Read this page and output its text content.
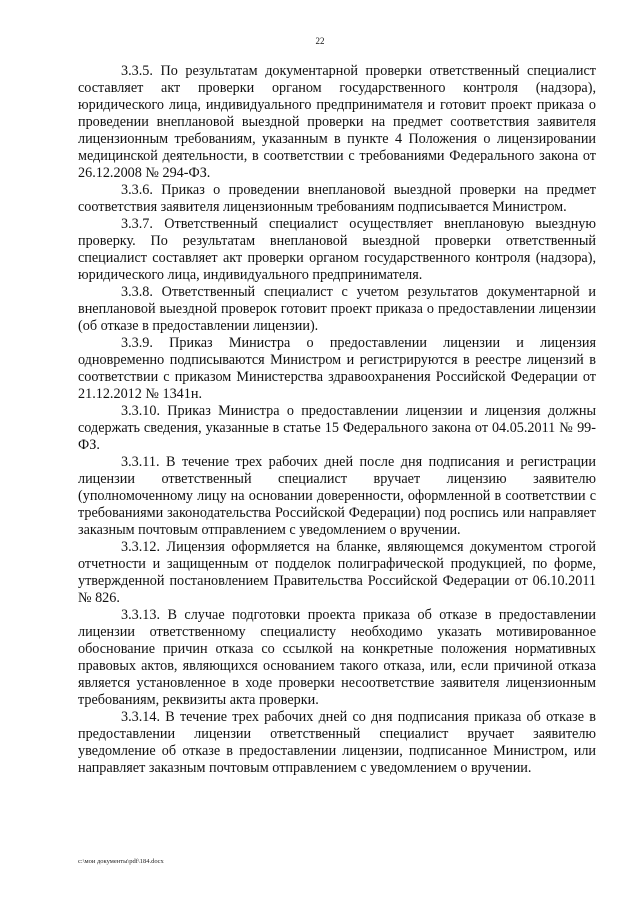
22

3.3.5. По результатам документарной проверки ответственный специалист составляет акт проверки органом государственного контроля (надзора), юридического лица, индивидуального предпринимателя и готовит проект приказа о проведении внеплановой выездной проверки на предмет соответствия заявителя лицензионным требованиям, указанным в пункте 4 Положения о лицензировании медицинской деятельности, в соответствии с требованиями Федерального закона от 26.12.2008 № 294-ФЗ.

3.3.6. Приказ о проведении внеплановой выездной проверки на предмет соответствия заявителя лицензионным требованиям подписывается Министром.

3.3.7. Ответственный специалист осуществляет внеплановую выездную проверку. По результатам внеплановой выездной проверки ответственный специалист составляет акт проверки органом государственного контроля (надзора), юридического лица, индивидуального предпринимателя.

3.3.8. Ответственный специалист с учетом результатов документарной и внеплановой выездной проверок готовит проект приказа о предоставлении лицензии (об отказе в предоставлении лицензии).

3.3.9. Приказ Министра о предоставлении лицензии и лицензия одновременно подписываются Министром и регистрируются в реестре лицензий в соответствии с приказом Министерства здравоохранения Российской Федерации от 21.12.2012 № 1341н.

3.3.10. Приказ Министра о предоставлении лицензии и лицензия должны содержать сведения, указанные в статье 15 Федерального закона от 04.05.2011 № 99-ФЗ.

3.3.11. В течение трех рабочих дней после дня подписания и регистрации лицензии ответственный специалист вручает лицензию заявителю (уполномоченному лицу на основании доверенности, оформленной в соответствии с требованиями законодательства Российской Федерации) под роспись или направляет заказным почтовым отправлением с уведомлением о вручении.

3.3.12. Лицензия оформляется на бланке, являющемся документом строгой отчетности и защищенным от подделок полиграфической продукцией, по форме, утвержденной постановлением Правительства Российской Федерации от 06.10.2011 № 826.

3.3.13. В случае подготовки проекта приказа об отказе в предоставлении лицензии ответственному специалисту необходимо указать мотивированное обоснование причин отказа со ссылкой на конкретные положения нормативных правовых актов, являющихся основанием такого отказа, или, если причиной отказа является установленное в ходе проверки несоответствие заявителя лицензионным требованиям, реквизиты акта проверки.

3.3.14. В течение трех рабочих дней со дня подписания приказа об отказе в предоставлении лицензии ответственный специалист вручает заявителю уведомление об отказе в предоставлении лицензии, подписанное Министром, или направляет заказным почтовым отправлением с уведомлением о вручении.

c:\мои документы\pdf\184.docx
